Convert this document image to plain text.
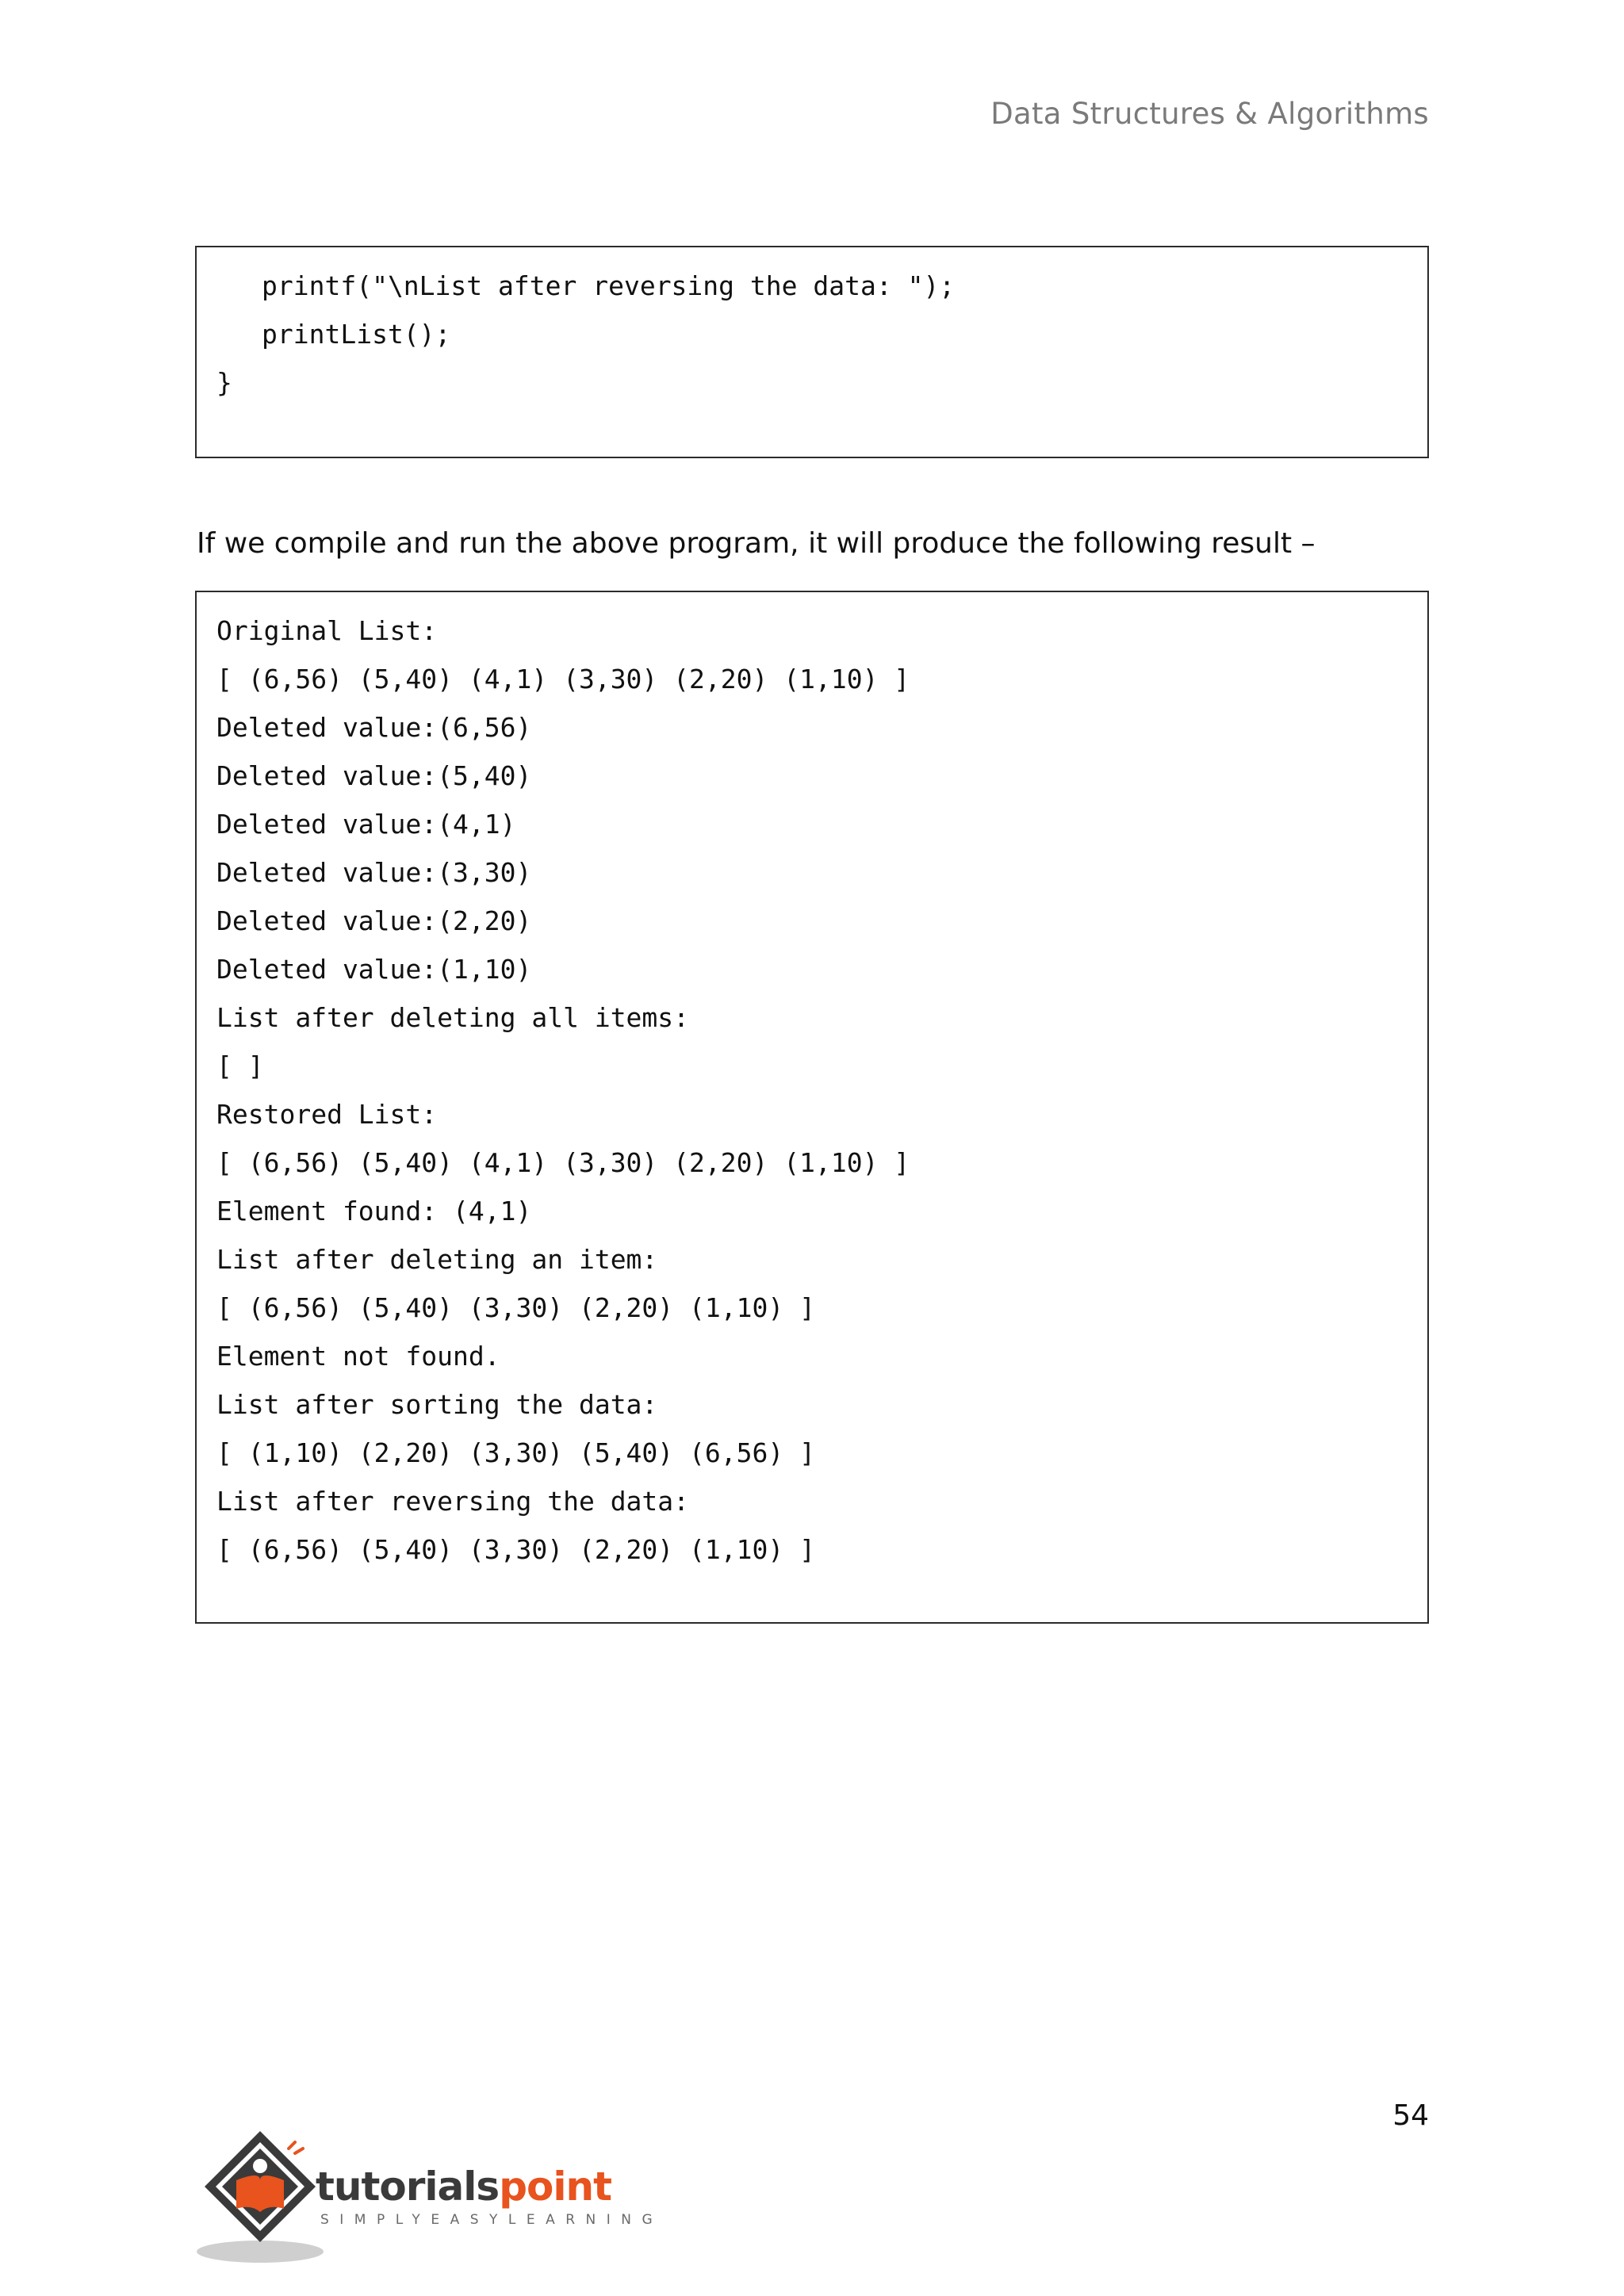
Data Structures & Algorithms
printf("\nList after reversing the data: ");
printList();
}
If we compile and run the above program, it will produce the following result –
Original List:
[ (6,56) (5,40) (4,1) (3,30) (2,20) (1,10) ]
Deleted value:(6,56)
Deleted value:(5,40)
Deleted value:(4,1)
Deleted value:(3,30)
Deleted value:(2,20)
Deleted value:(1,10)
List after deleting all items:
[ ]
Restored List:
[ (6,56) (5,40) (4,1) (3,30) (2,20) (1,10) ]
Element found: (4,1)
List after deleting an item:
[ (6,56) (5,40) (3,30) (2,20) (1,10) ]
Element not found.
List after sorting the data:
[ (1,10) (2,20) (3,30) (5,40) (6,56) ]
List after reversing the data:
[ (6,56) (5,40) (3,30) (2,20) (1,10) ]
54
tutorialspoint
SIMPLYEASYLEARNING
